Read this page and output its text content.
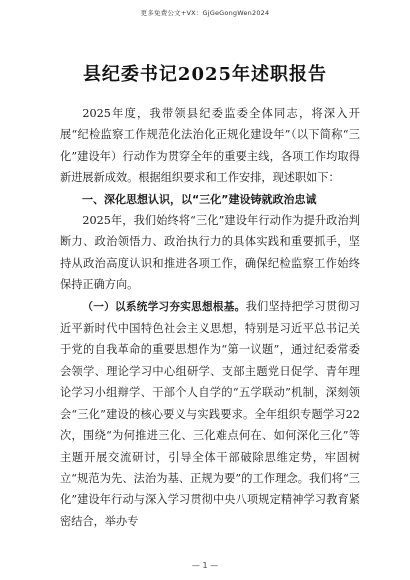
更多免费公文+VX：GjGeGongWen2024
县纪委书记2025年述职报告

2025年度，我带领县纪委监委全体同志，将深入开展“纪检监察工作规范化法治化正规化建设年”（以下简称“三化”建设年）行动作为贯穿全年的重要主线，各项工作均取得新进展新成效。根据组织要求和工作安排，现述职如下：

一、深化思想认识，以“三化”建设铸就政治忠诚

2025年，我们始终将“三化”建设年行动作为提升政治判断力、政治领悟力、政治执行力的具体实践和重要抓手，坚持从政治高度认识和推进各项工作，确保纪检监察工作始终保持正确方向。

（一）以系统学习夯实思想根基。我们坚持把学习贯彻习近平新时代中国特色社会主义思想，特别是习近平总书记关于党的自我革命的重要思想作为“第一议题”，通过纪委常委会领学、理论学习中心组研学、支部主题党日促学、青年理论学习小组辩学、干部个人自学的“五学联动”机制，深刻领会“三化”建设的核心要义与实践要求。全年组织专题学习22次，围绕“为何推进三化、三化难点何在、如何深化三化”等主题开展交流研讨，引导全体干部破除思维定势，牢固树立“规范为先、法治为基、正规为要”的工作理念。我们将“三化”建设年行动与深入学习贯彻中央八项规定精神学习教育紧密结合，举办专

— 1 —
